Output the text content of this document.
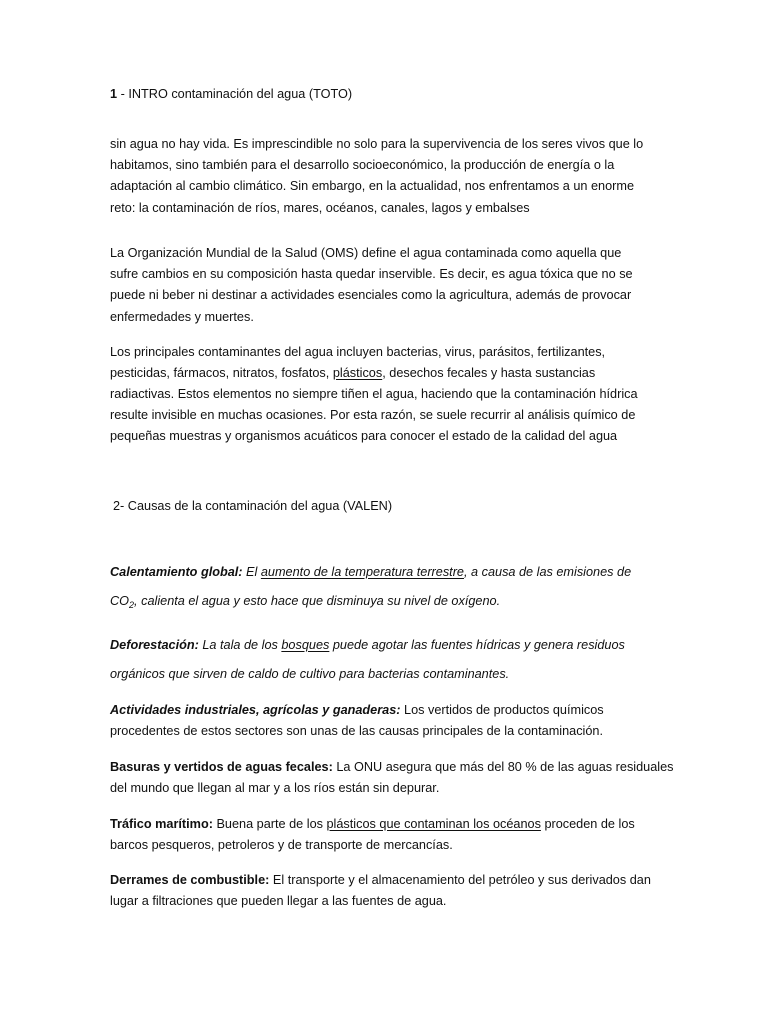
1 - INTRO contaminación del agua (TOTO)
sin agua no hay vida. Es imprescindible no solo para la supervivencia de los seres vivos que lo
habitamos, sino también para el desarrollo socioeconómico, la producción de energía o la
adaptación al cambio climático. Sin embargo, en la actualidad, nos enfrentamos a un enorme
reto: la contaminación de ríos, mares, océanos, canales, lagos y embalses
La Organización Mundial de la Salud (OMS) define el agua contaminada como aquella que
sufre cambios en su composición hasta quedar inservible. Es decir, es agua tóxica que no se
puede ni beber ni destinar a actividades esenciales como la agricultura, además de provocar
enfermedades y muertes.
Los principales contaminantes del agua incluyen bacterias, virus, parásitos, fertilizantes,
pesticidas, fármacos, nitratos, fosfatos, plásticos, desechos fecales y hasta sustancias
radiactivas. Estos elementos no siempre tiñen el agua, haciendo que la contaminación hídrica
resulte invisible en muchas ocasiones. Por esta razón, se suele recurrir al análisis químico de
pequeñas muestras y organismos acuáticos para conocer el estado de la calidad del agua
2- Causas de la contaminación del agua (VALEN)
Calentamiento global: El aumento de la temperatura terrestre, a causa de las emisiones de
$CO_2$, calienta el agua y esto hace que disminuya su nivel de oxígeno.
Deforestación: La tala de los bosques puede agotar las fuentes hídricas y genera residuos
orgánicos que sirven de caldo de cultivo para bacterias contaminantes.
Actividades industriales, agrícolas y ganaderas: Los vertidos de productos químicos
procedentes de estos sectores son unas de las causas principales de la contaminación.
Basuras y vertidos de aguas fecales: La ONU asegura que más del 80 % de las aguas residuales
del mundo que llegan al mar y a los ríos están sin depurar.
Tráfico marítimo: Buena parte de los plásticos que contaminan los océanos proceden de los
barcos pesqueros, petroleros y de transporte de mercancías.
Derrames de combustible: El transporte y el almacenamiento del petróleo y sus derivados dan
lugar a filtraciones que pueden llegar a las fuentes de agua.
